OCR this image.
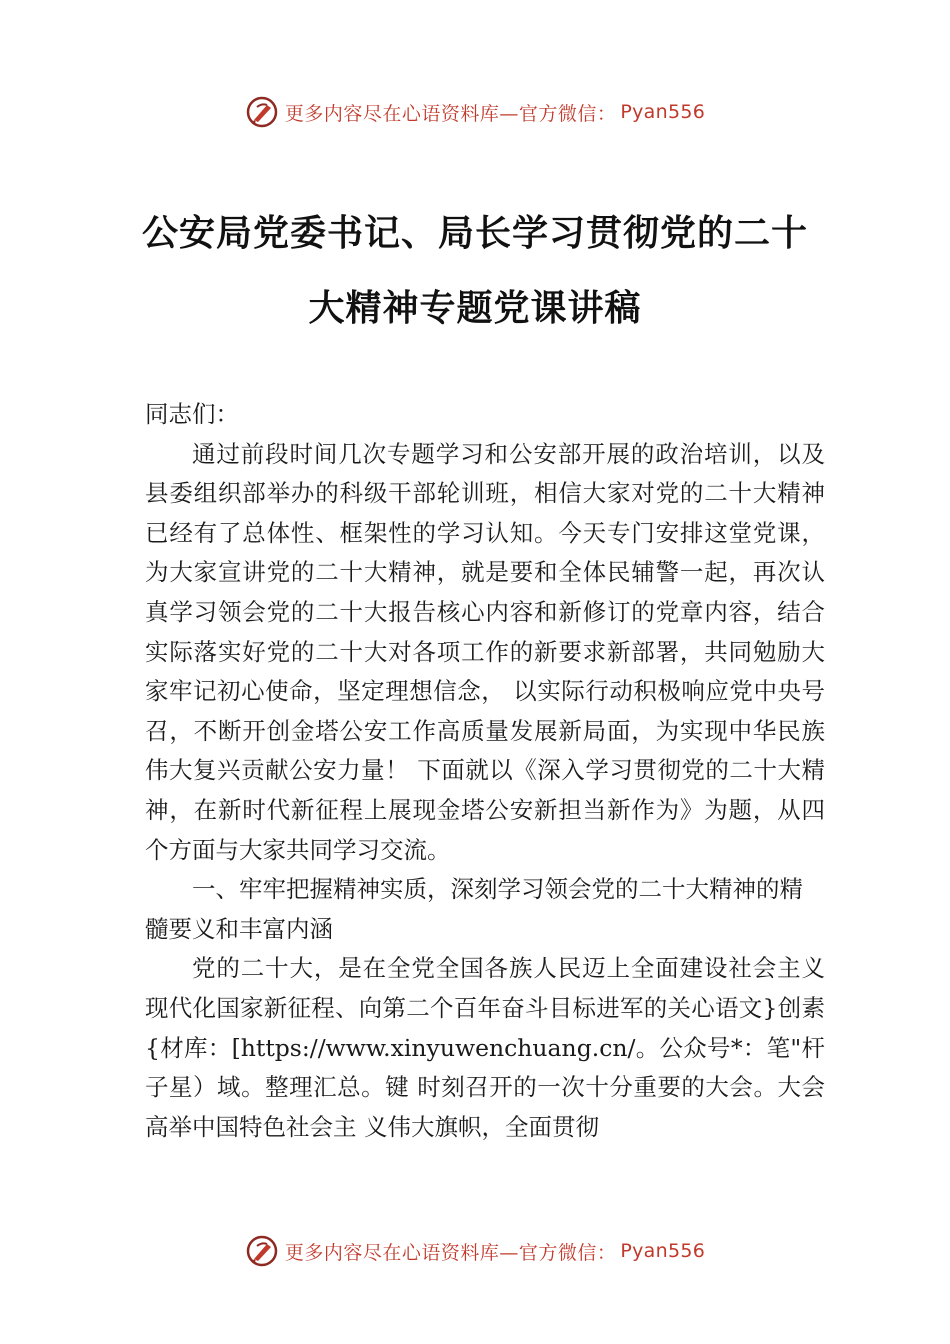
更多内容尽在心语资料库—官方微信： Pyan556
公安局党委书记、局长学习贯彻党的二十
大精神专题党课讲稿

同志们：

通过前段时间几次专题学习和公安部开展的政治培训，以及县委组织部举办的科级干部轮训班，相信大家对党的二十大精神已经有了总体性、框架性的学习认知。今天专门安排这堂党课，为大家宣讲党的二十大精神，就是要和全体民辅警一起，再次认真学习领会党的二十大报告核心内容和新修订的党章内容，结合实际落实好党的二十大对各项工作的新要求新部署，共同勉励大家牢记初心使命，坚定理想信念， 以实际行动积极响应党中央号召，不断开创金塔公安工作高质量发展新局面，为实现中华民族伟大复兴贡献公安力量！ 下面就以《深入学习贯彻党的二十大精神，在新时代新征程上展现金塔公安新担当新作为》为题，从四个方面与大家共同学习交流。

一、牢牢把握精神实质，深刻学习领会党的二十大精神的精髓要义和丰富内涵

党的二十大，是在全党全国各族人民迈上全面建设社会主义现代化国家新征程、向第二个百年奋斗目标进军的关心语文}创素{材库：[https://www.xinyuwenchuang.cn/。公众号*：笔"杆子星）域。整理汇总。键 时刻召开的一次十分重要的大会。大会高举中国特色社会主 义伟大旗帜，全面贯彻

更多内容尽在心语资料库—官方微信： Pyan556
